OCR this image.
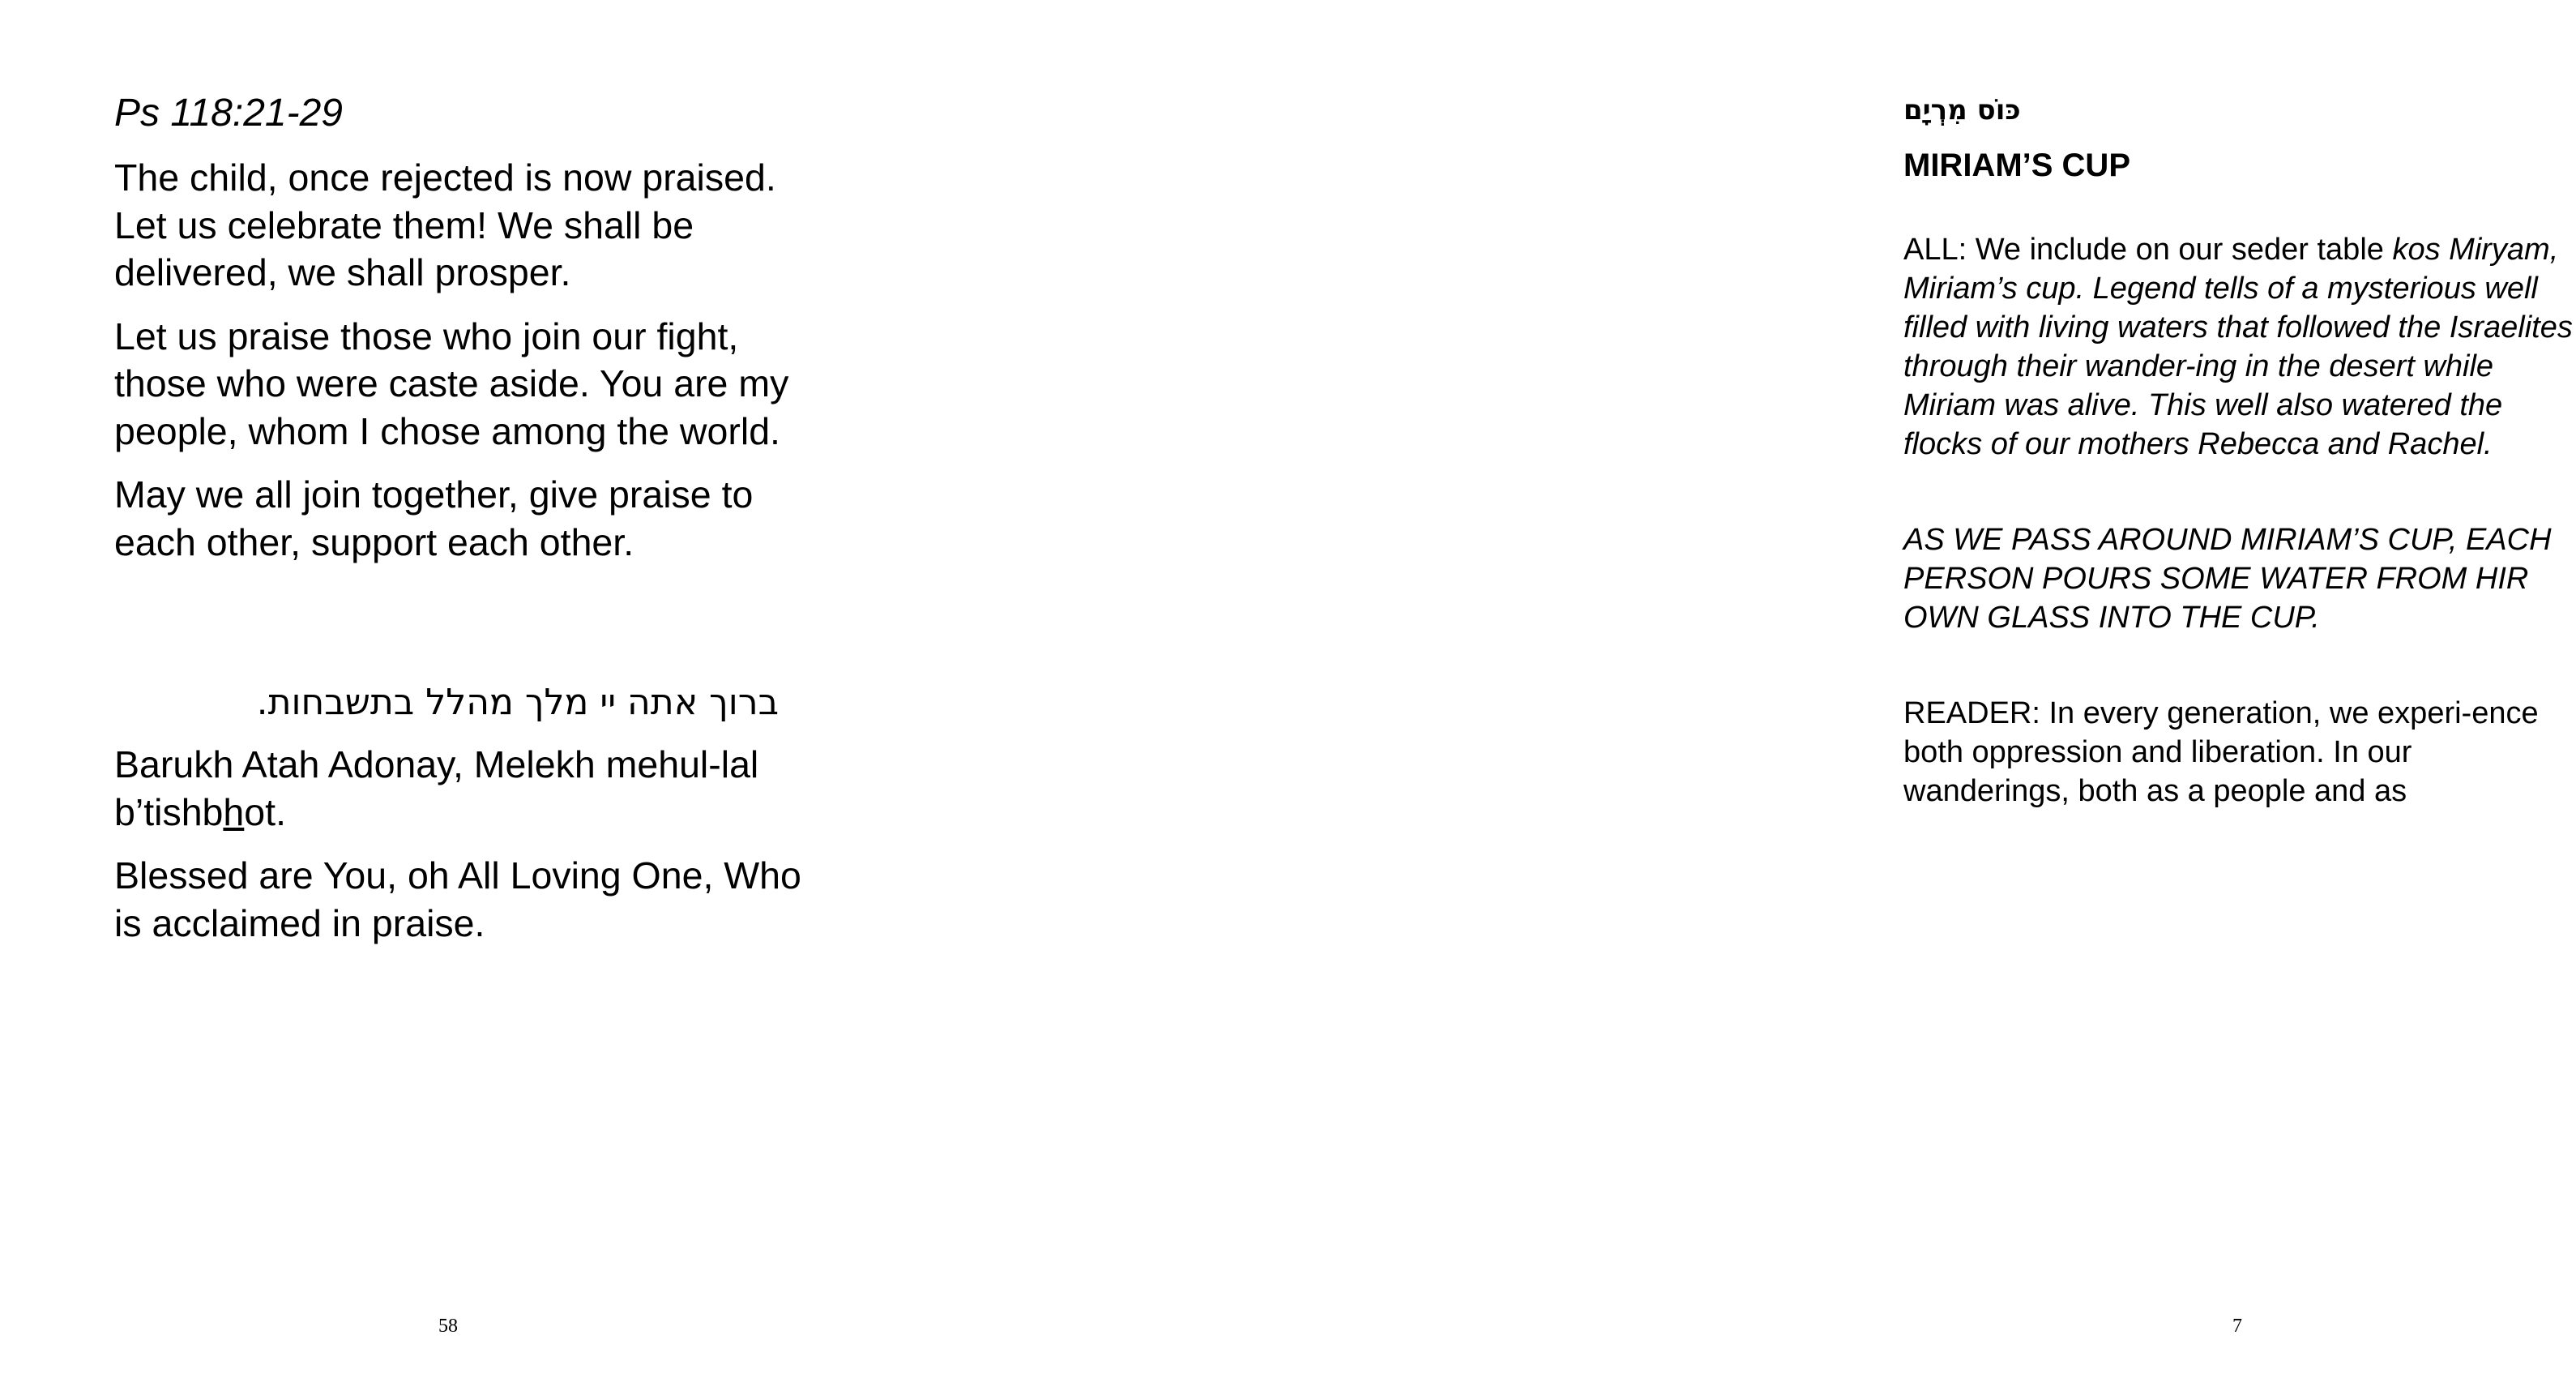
Ps 118:21-29

The child, once rejected is now praised. Let us celebrate them! We shall be delivered, we shall prosper.

Let us praise those who join our fight, those who were caste aside. You are my people, whom I chose among the world.

May we all join together, give praise to each other, support each other.

ברוך אתה יי מלך מהלל בתשבחות.

Barukh Atah Adonay, Melekh mehul-lal b’tishbhot.

Blessed are You, oh All Loving One, Who is acclaimed in praise.

58

כּוֹס מִרְיָם

MIRIAM’S CUP

ALL: We include on our seder table kos Miryam, Miriam’s cup. Legend tells of a mysterious well filled with living waters that followed the Israelites through their wander-ing in the desert while Miriam was alive. This well also watered the flocks of our mothers Rebecca and Rachel.

AS WE PASS AROUND MIRIAM’S CUP, EACH PERSON POURS SOME WATER FROM HIR OWN GLASS INTO THE CUP.

READER: In every generation, we experi-ence both oppression and liberation. In our wanderings, both as a people and as

7
